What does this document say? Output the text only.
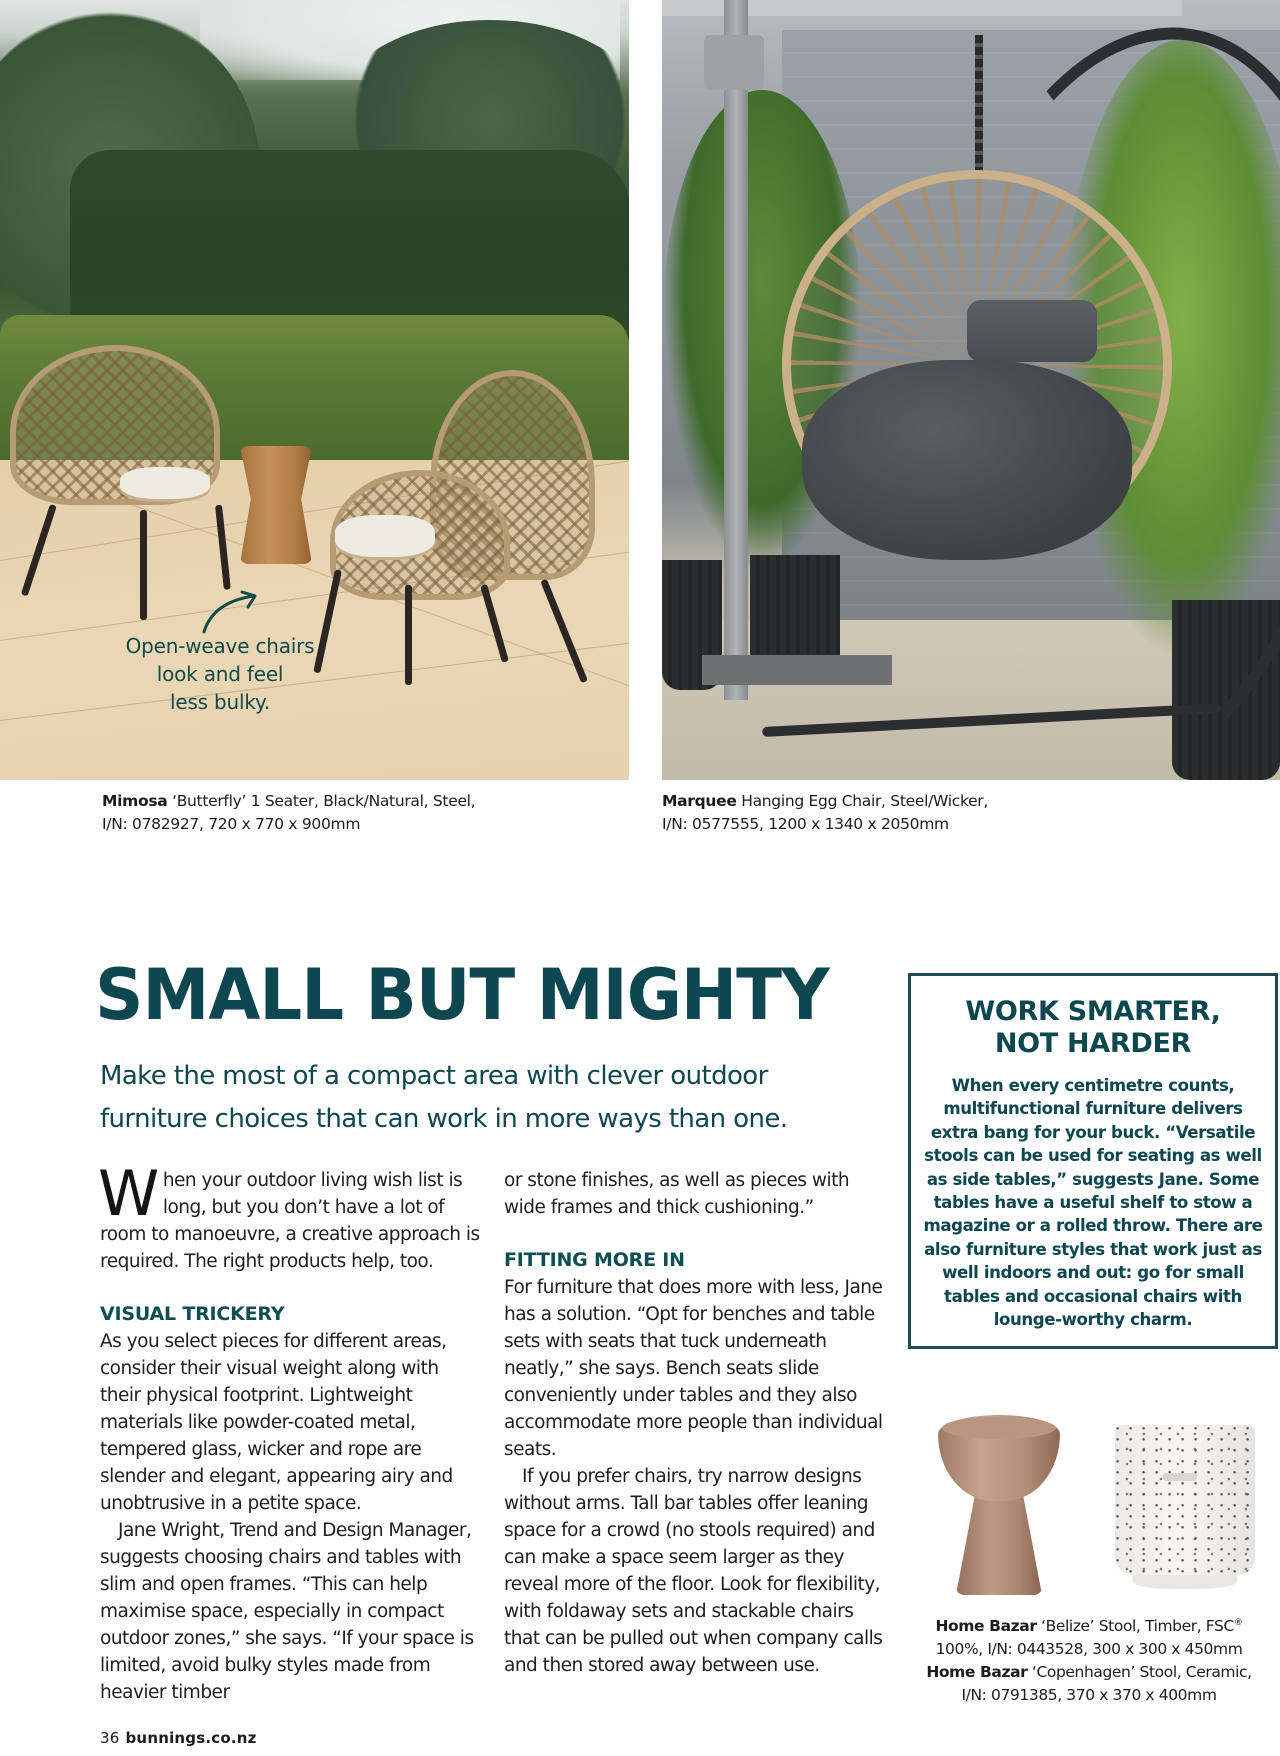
Open-weave chairs
look and feel
less bulky.
Mimosa ‘Butterfly’ 1 Seater, Black/Natural, Steel,
I/N: 0782927, 720 x 770 x 900mm
Marquee Hanging Egg Chair, Steel/Wicker,
I/N: 0577555, 1200 x 1340 x 2050mm
SMALL BUT MIGHTY
Make the most of a compact area with clever outdoor
furniture choices that can work in more ways than one.

When your outdoor living wish list is long, but you don’t have a lot of room to manoeuvre, a creative approach is required. The right products help, too.

VISUAL TRICKERY

As you select pieces for different areas, consider their visual weight along with their physical footprint. Lightweight materials like powder-coated metal, tempered glass, wicker and rope are slender and elegant, appearing airy and unobtrusive in a petite space.

Jane Wright, Trend and Design Manager, suggests choosing chairs and tables with slim and open frames. “This can help maximise space, especially in compact outdoor zones,” she says. “If your space is limited, avoid bulky styles made from heavier timber

or stone finishes, as well as pieces with wide frames and thick cushioning.”

FITTING MORE IN

For furniture that does more with less, Jane has a solution. “Opt for benches and table sets with seats that tuck underneath neatly,” she says. Bench seats slide conveniently under tables and they also accommodate more people than individual seats.

If you prefer chairs, try narrow designs without arms. Tall bar tables offer leaning space for a crowd (no stools required) and can make a space seem larger as they reveal more of the floor. Look for flexibility, with foldaway sets and stackable chairs that can be pulled out when company calls and then stored away between use.

WORK SMARTER,
NOT HARDER
When every centimetre counts, multifunctional furniture delivers extra bang for your buck. “Versatile stools can be used for seating as well as side tables,” suggests Jane. Some tables have a useful shelf to stow a magazine or a rolled throw. There are also furniture styles that work just as well indoors and out: go for small tables and occasional chairs with lounge-worthy charm.
Home Bazar ‘Belize’ Stool, Timber, FSC®
100%, I/N: 0443528, 300 x 300 x 450mm
Home Bazar ‘Copenhagen’ Stool, Ceramic,
I/N: 0791385, 370 x 370 x 400mm
36 bunnings.co.nz
